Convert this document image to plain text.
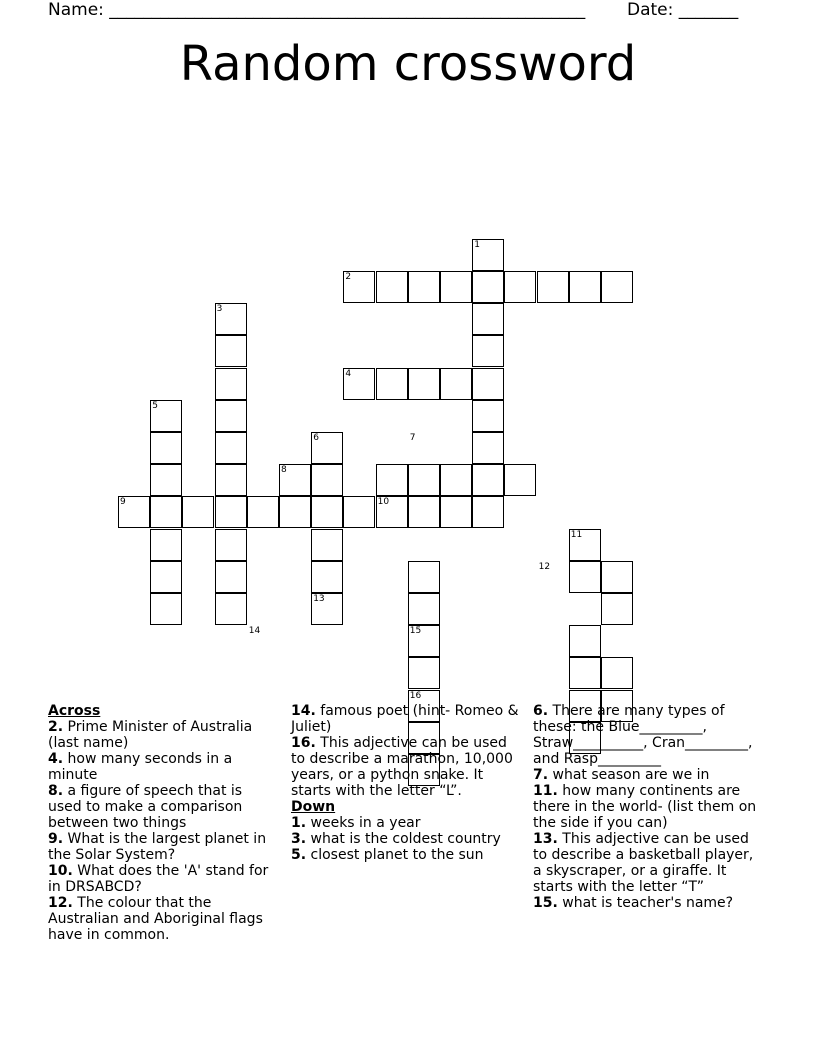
Name: ________________________________________________________ Date: _______
Random crossword
1
2
3
4
5
6	7
8
9	10
11
12
13
14	15
16
Across

2. Prime Minister of Australia (last name)

4. how many seconds in a minute

8. a figure of speech that is used to make a comparison between two things

9. What is the largest planet in the Solar System?

10. What does the 'A' stand for in DRSABCD?

12. The colour that the Australian and Aboriginal flags have in common.

14. famous poet (hint- Romeo & Juliet)

16. This adjective can be used to describe a marathon, 10,000 years, or a python snake. It starts with the letter “L”.

Down

1. weeks in a year

3. what is the coldest country

5. closest planet to the sun

6. There are many types of these: the Blue_________, Straw__________, Cran_________, and Rasp_________

7. what season are we in

11. how many continents are there in the world- (list them on the side if you can)

13. This adjective can be used to describe a basketball player, a skyscraper, or a giraffe. It starts with the letter “T”

15. what is teacher's name?
